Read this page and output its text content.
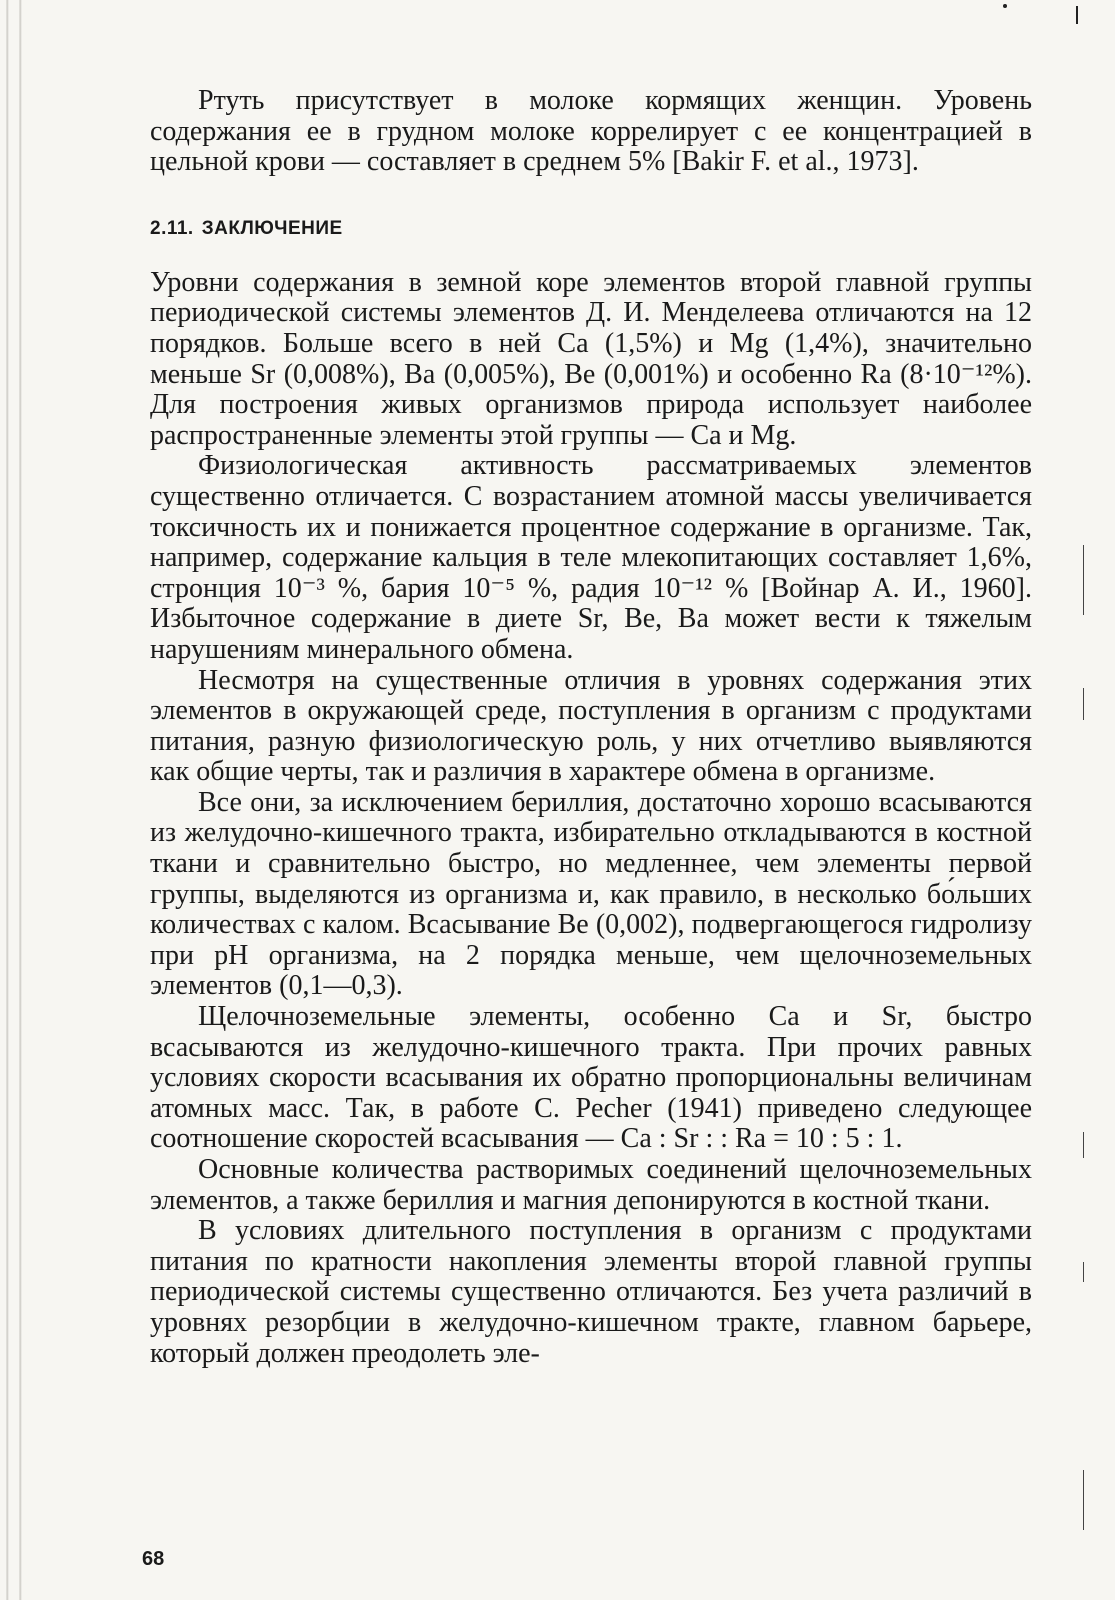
Ртуть присутствует в молоке кормящих женщин. Уровень содержания ее в грудном молоке коррелирует с ее концентрацией в цельной крови — составляет в среднем 5% [Bakir F. et al., 1973].

2.11. ЗАКЛЮЧЕНИЕ

Уровни содержания в земной коре элементов второй главной группы периодической системы элементов Д. И. Менделеева отличаются на 12 порядков. Больше всего в ней Са (1,5%) и Mg (1,4%), значительно меньше Sr (0,008%), Ва (0,005%), Be (0,001%) и особенно Ra (8·10⁻¹²%). Для построения живых организмов природа использует наиболее распространенные элементы этой группы — Са и Mg.

Физиологическая активность рассматриваемых элементов существенно отличается. С возрастанием атомной массы увеличивается токсичность их и понижается процентное содержание в организме. Так, например, содержание кальция в теле млекопитающих составляет 1,6%, стронция 10⁻³ %, бария 10⁻⁵ %, радия 10⁻¹² % [Войнар А. И., 1960]. Избыточное содержание в диете Sr, Be, Ва может вести к тяжелым нарушениям минерального обмена.

Несмотря на существенные отличия в уровнях содержания этих элементов в окружающей среде, поступления в организм с продуктами питания, разную физиологическую роль, у них отчетливо выявляются как общие черты, так и различия в характере обмена в организме.

Все они, за исключением бериллия, достаточно хорошо всасываются из желудочно-кишечного тракта, избирательно откладываются в костной ткани и сравнительно быстро, но медленнее, чем элементы первой группы, выделяются из организма и, как правило, в несколько бо́льших количествах с калом. Всасывание Be (0,002), подвергающегося гидролизу при рН организма, на 2 порядка меньше, чем щелочноземельных элементов (0,1—0,3).

Щелочноземельные элементы, особенно Са и Sr, быстро всасываются из желудочно-кишечного тракта. При прочих равных условиях скорости всасывания их обратно пропорциональны величинам атомных масс. Так, в работе С. Pecher (1941) приведено следующее соотношение скоростей всасывания — Са : Sr : : Ra = 10 : 5 : 1.

Основные количества растворимых соединений щелочноземельных элементов, а также бериллия и магния депонируются в костной ткани.

В условиях длительного поступления в организм с продуктами питания по кратности накопления элементы второй главной группы периодической системы существенно отличаются. Без учета различий в уровнях резорбции в желудочно-кишечном тракте, главном барьере, который должен преодолеть эле-

68
